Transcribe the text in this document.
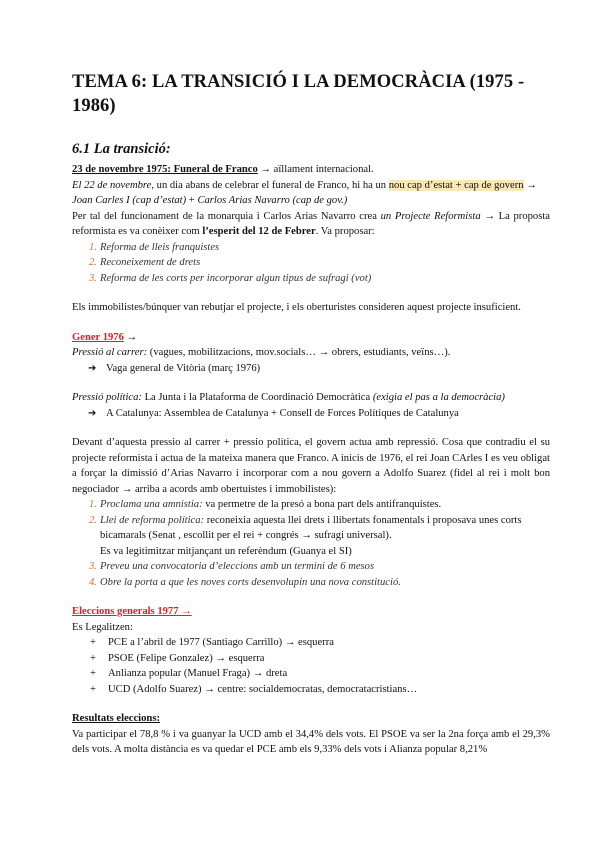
TEMA 6: LA TRANSICIÓ I LA DEMOCRÀCIA (1975 - 1986)
6.1 La transició:

23 de novembre 1975: Funeral de Franco → aïllament internacional.

El 22 de novembre, un dia abans de celebrar el funeral de Franco, hi ha un nou cap d’estat + cap de govern → Joan Carles I (cap d’estat) + Carlos Arias Navarro (cap de gov.)

Per tal del funcionament de la monarquia i Carlos Arias Navarro crea un Projecte Reformista → La proposta reformista es va conèixer com l’esperit del 12 de Febrer. Va proposar:

1. Reforma de lleis franquistes
2. Reconeixement de drets
3. Reforma de les corts per incorporar algun tipus de sufragi (vot)

Els immobilistes/búnquer van rebutjar el projecte, i els oberturistes consideren aquest projecte insuficient.

Gener 1976 →

Pressió al carrer: (vagues, mobilitzacions, mov.socials… → obrers, estudiants, veïns…).

➔ Vaga general de Vitòria (març 1976)

Pressió política: La Junta i la Plataforma de Coordinació Democràtica (exigia el pas a la democràcia)

➔ A Catalunya: Assemblea de Catalunya + Consell de Forces Polítiques de Catalunya

Devant d’aquesta pressio al carrer + pressio politica, el govern actua amb repressió. Cosa que contradiu el su projecte reformista i actua de la mateixa manera que Franco. A inicis de 1976, el rei Joan CArles I es veu obligat a forçar la dimissió d’Arias Navarro i incorporar com a nou govern a Adolfo Suarez (fidel al rei i molt bon negociador → arriba a acords amb obertuistes i immobilistes):

1. Proclama una amnistia: va permetre de la presó a bona part dels antifranquistes.
2. Llei de reforma política: reconeixia aquesta llei drets i llibertats fonamentals i proposava unes corts bicamarals (Senat , escollit per el rei + congrés → sufragi universal).
Es va legitimitzar mitjançant un referèndum (Guanya el SI)
3. Preveu una convocatoria d’eleccions amb un termini de 6 mesos
4. Obre la porta a que les noves corts desenvolupin una nova constitució.

Eleccions generals 1977 →

Es Legalitzen:

+ PCE a l’abril de 1977 (Santiago Carrillo) → esquerra
+ PSOE (Felipe Gonzalez) → esquerra
+ Anlianza popular (Manuel Fraga) → dreta
+ UCD (Adolfo Suarez) → centre: socialdemocratas, democratacristians…

Resultats eleccions:

Va participar el 78,8 % i va guanyar la UCD amb el 34,4% dels vots. El PSOE va ser la 2na força amb el 29,3% dels vots. A molta distància es va quedar el PCE amb els 9,33% dels vots i Alianza popular 8,21%
